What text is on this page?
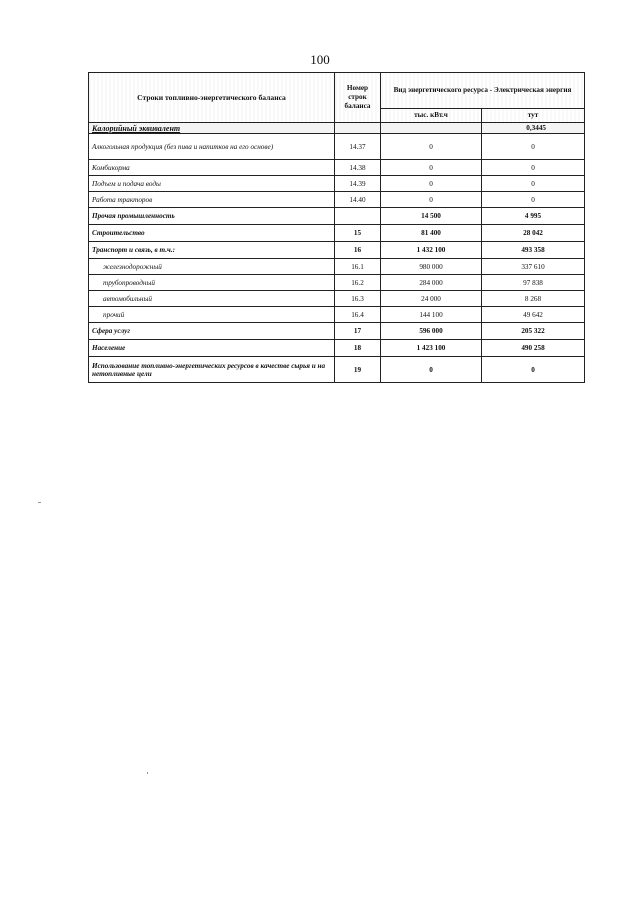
100
Строки топливно-энергетического баланса	Номер строк баланса	Вид энергетического ресурса - Электрическая энергия	
		тыс. кВт.ч	тут
Калорийный эквивалент			0,3445
Алкогольная продукция (без пива и напитков на его основе)	14.37	0	0
Комбикорма	14.38	0	0
Подъем и подача воды	14.39	0	0
Работа тракторов	14.40	0	0
Прочая промышленность		14 500	4 995
Строительство	15	81 400	28 042
Транспорт и связь, в т.ч.:	16	1 432 100	493 358
железнодорожный	16.1	980 000	337 610
трубопроводный	16.2	284 000	97 838
автомобильный	16.3	24 000	8 268
прочий	16.4	144 100	49 642
Сфера услуг	17	596 000	205 322
Население	18	1 423 100	490 258
Использование топливно-энергетических ресурсов в качестве сырья и на нетопливные цели	19	0	0
